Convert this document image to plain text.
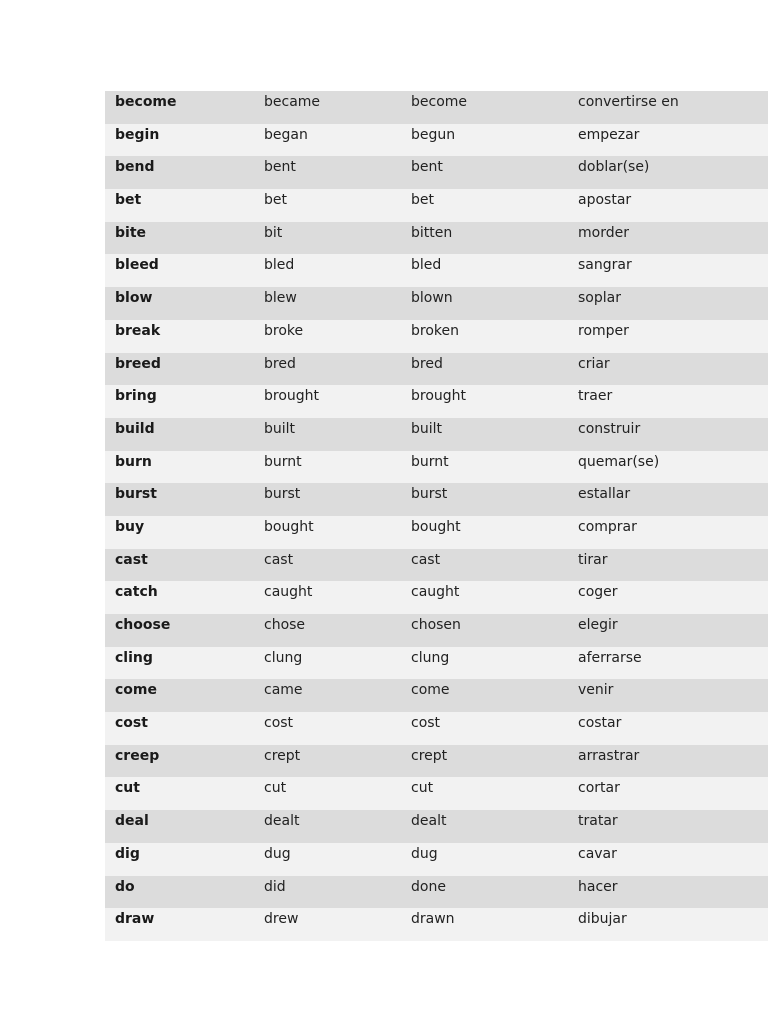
become	became	become	convertirse en
begin	began	begun	empezar
bend	bent	bent	doblar(se)
bet	bet	bet	apostar
bite	bit	bitten	morder
bleed	bled	bled	sangrar
blow	blew	blown	soplar
break	broke	broken	romper
breed	bred	bred	criar
bring	brought	brought	traer
build	built	built	construir
burn	burnt	burnt	quemar(se)
burst	burst	burst	estallar
buy	bought	bought	comprar
cast	cast	cast	tirar
catch	caught	caught	coger
choose	chose	chosen	elegir
cling	clung	clung	aferrarse
come	came	come	venir
cost	cost	cost	costar
creep	crept	crept	arrastrar
cut	cut	cut	cortar
deal	dealt	dealt	tratar
dig	dug	dug	cavar
do	did	done	hacer
draw	drew	drawn	dibujar
